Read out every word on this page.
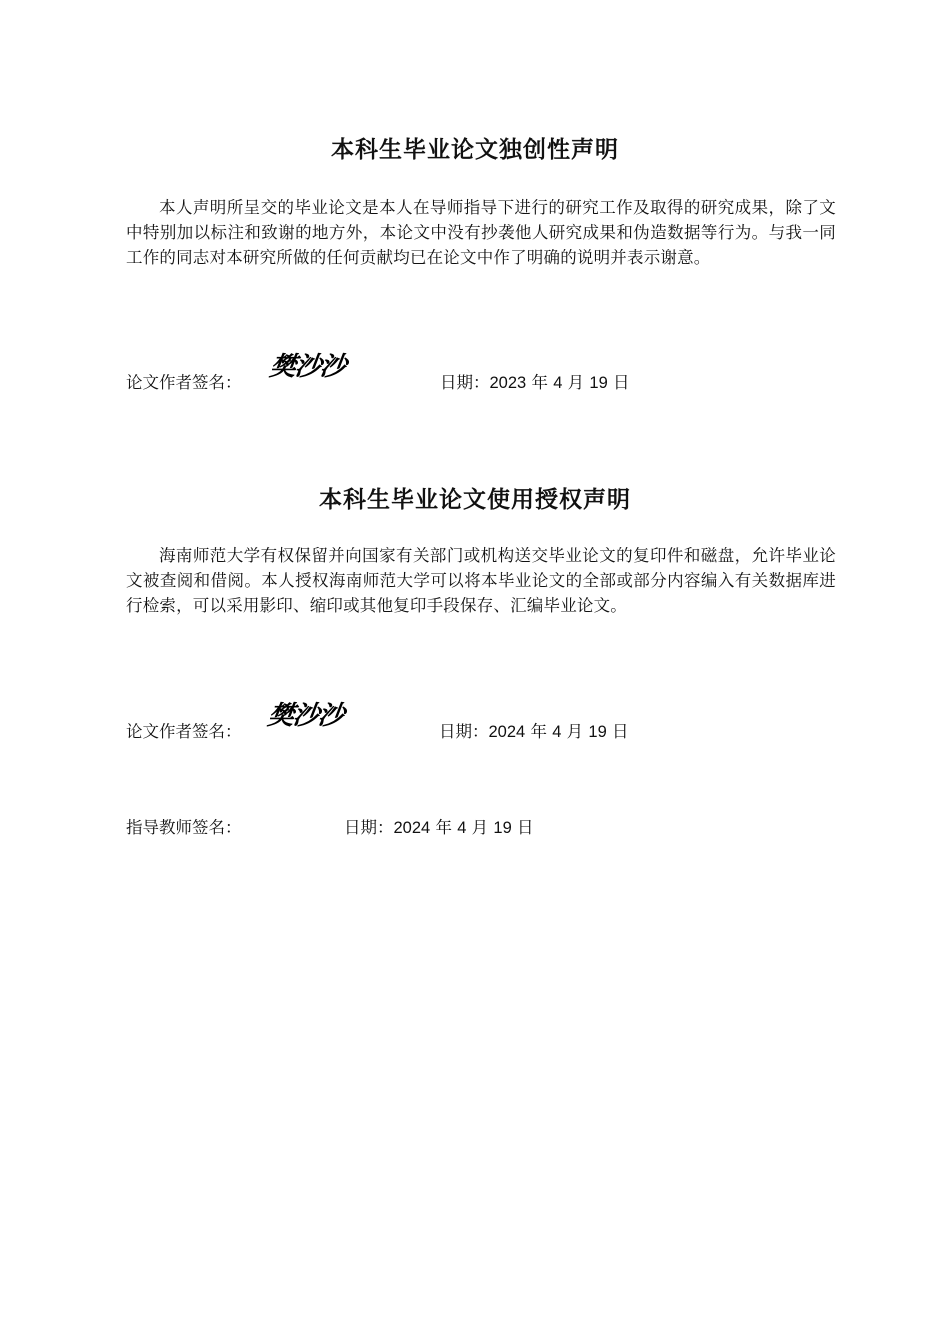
本科生毕业论文独创性声明

本人声明所呈交的毕业论文是本人在导师指导下进行的研究工作及取得的研究成果，除了文中特别加以标注和致谢的地方外，本论文中没有抄袭他人研究成果和伪造数据等行为。与我一同工作的同志对本研究所做的任何贡献均已在论文中作了明确的说明并表示谢意。

樊沙沙
论文作者签名：	日期：2023 年 4 月 19 日
本科生毕业论文使用授权声明

海南师范大学有权保留并向国家有关部门或机构送交毕业论文的复印件和磁盘，允许毕业论文被查阅和借阅。本人授权海南师范大学可以将本毕业论文的全部或部分内容编入有关数据库进行检索，可以采用影印、缩印或其他复印手段保存、汇编毕业论文。

樊沙沙
论文作者签名：	日期：2024 年 4 月 19 日
指导教师签名：	日期：2024 年 4 月 19 日
